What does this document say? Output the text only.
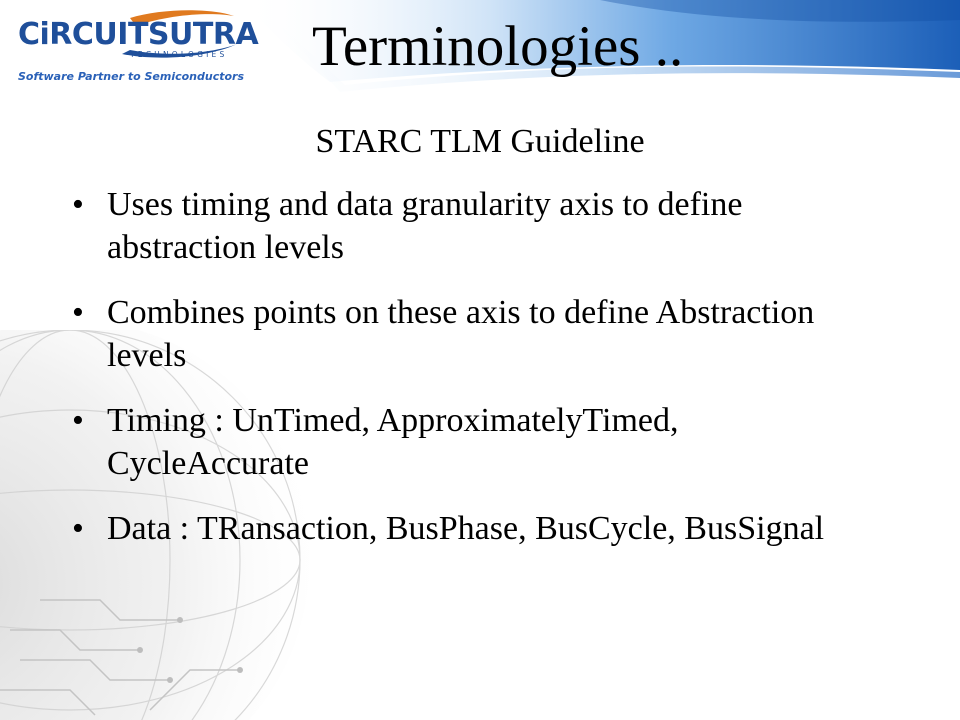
CiRCUITSUTRA
TECHNOLOGIES
Software Partner to Semiconductors Terminologies ..
STARC TLM Guideline
• Uses timing and data granularity axis to define abstraction levels
• Combines points on these axis to define Abstraction levels
• Timing : UnTimed, ApproximatelyTimed, CycleAccurate
• Data : TRansaction, BusPhase, BusCycle, BusSignal
